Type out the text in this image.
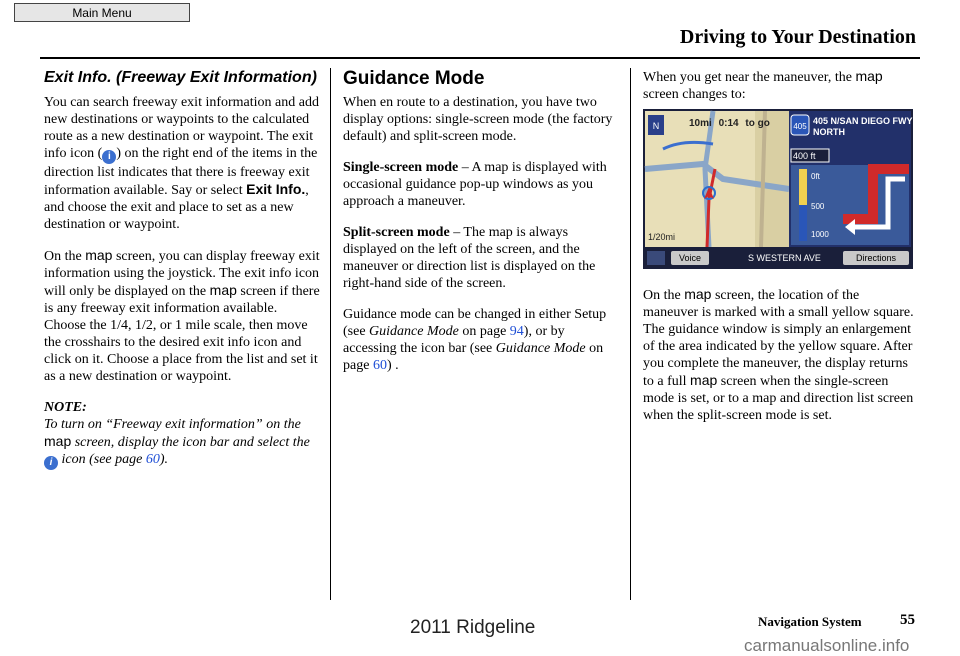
Main Menu
Driving to Your Destination
Exit Info. (Freeway Exit Information)

You can search freeway exit information and add new destinations or waypoints to the calculated route as a new destination or waypoint. The exit info icon ( i ) on the right end of the items in the direction list indicates that there is freeway exit information available. Say or select Exit Info., and choose the exit and place to set as a new destination or waypoint.

On the map screen, you can display freeway exit information using the joystick. The exit info icon will only be displayed on the map screen if there is any freeway exit information available. Choose the 1/4, 1/2, or 1 mile scale, then move the crosshairs to the desired exit info icon and click on it. Choose a place from the list and set it as a new destination or waypoint.

NOTE:
To turn on “Freeway exit information” on the map screen, display the icon bar and select the i icon (see page 60).

Guidance Mode

When en route to a destination, you have two display options: single-screen mode (the factory default) and split-screen mode.

Single-screen mode – A map is displayed with occasional guidance pop-up windows as you approach a maneuver.

Split-screen mode – The map is always displayed on the left of the screen, and the maneuver or direction list is displayed on the right-hand side of the screen.

Guidance mode can be changed in either Setup (see Guidance Mode on page 94), or by accessing the icon bar (see Guidance Mode on page 60) .

When you get near the maneuver, the map screen changes to:

N	10mi 0:14 to go
1/20mi
405
405 N/SAN DIEGO FWY
NORTH
400 ft
0ft
500
1000
Voice	S WESTERN AVE	Directions

On the map screen, the location of the maneuver is marked with a small yellow square. The guidance window is simply an enlargement of the area indicated by the yellow square. After you complete the maneuver, the display returns to a full map screen when the single-screen mode is set, or to a map and direction list screen when the split-screen mode is set.

Navigation System	55
2011 Ridgeline
carmanualsonline.info
